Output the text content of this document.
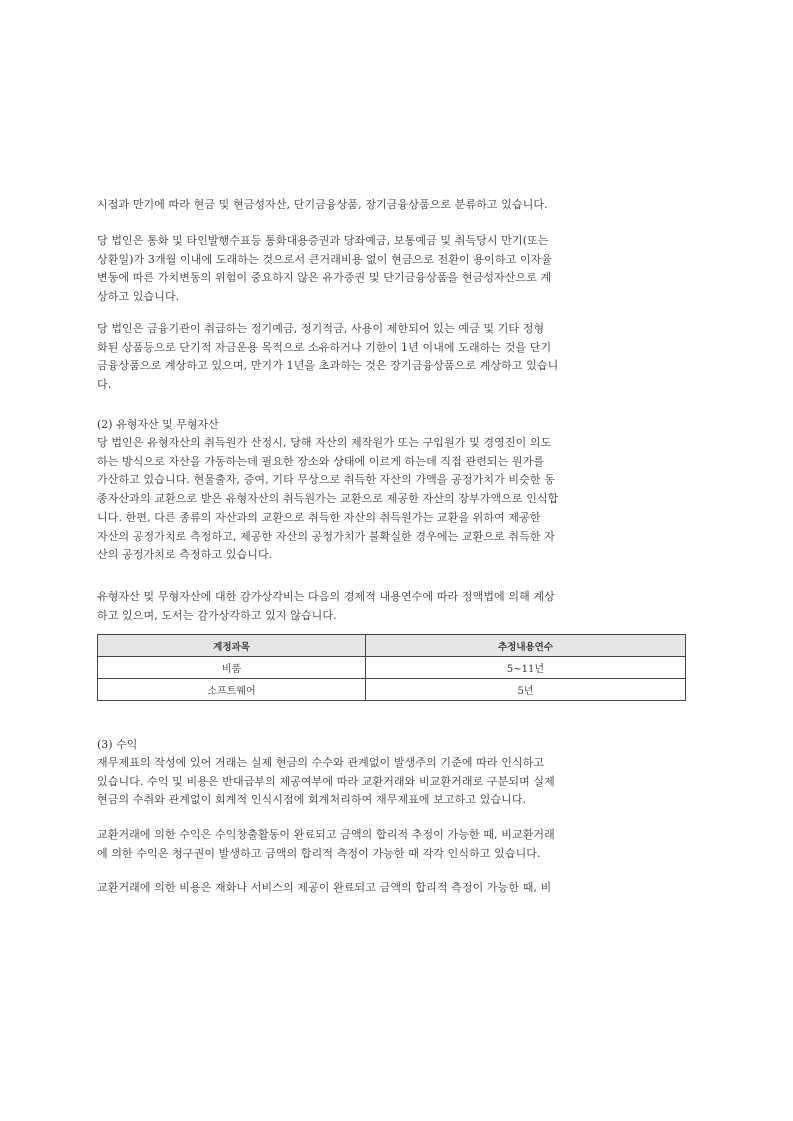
시점과 만기에 따라 현금 및 현금성자산, 단기금융상품, 장기금융상품으로 분류하고 있습니다.

당 법인은 통화 및 타인발행수표등 통화대용증권과 당좌예금, 보통예금 및 취득당시 만기(또는
상환일)가 3개월 이내에 도래하는 것으로서 큰거래비용 없이 현금으로 전환이 용이하고 이자율
변동에 따른 가치변동의 위험이 중요하지 않은 유가증권 및 단기금융상품을 현금성자산으로 계
상하고 있습니다.

당 법인은 금융기관이 취급하는 정기예금, 정기적금, 사용이 제한되어 있는 예금 및 기타 정형
화된 상품등으로 단기적 자금운용 목적으로 소유하거나 기한이 1년 이내에 도래하는 것을 단기
금융상품으로 계상하고 있으며, 만기가 1년을 초과하는 것은 장기금융상품으로 계상하고 있습니
다.

(2) 유형자산 및 무형자산

당 법인은 유형자산의 취득원가 산정시, 당해 자산의 제작원가 또는 구입원가 및 경영진이 의도
하는 방식으로 자산을 가동하는데 필요한 장소와 상태에 이르게 하는데 직접 관련되는 원가를
가산하고 있습니다. 현물출자, 증여, 기타 무상으로 취득한 자산의 가액을 공정가치가 비슷한 동
종자산과의 교환으로 받은 유형자산의 취득원가는 교환으로 제공한 자산의 장부가액으로 인식합
니다. 한편, 다른 종류의 자산과의 교환으로 취득한 자산의 취득원가는 교환을 위하여 제공한
자산의 공정가치로 측정하고, 제공한 자산의 공정가치가 불확실한 경우에는 교환으로 취득한 자
산의 공정가치로 측정하고 있습니다.

유형자산 및 무형자산에 대한 감가상각비는 다음의 경제적 내용연수에 따라 정액법에 의해 계상
하고 있으며, 도서는 감가상각하고 있지 않습니다.

계정과목	추정내용연수
비품	5~11년
소프트웨어	5년

(3) 수익

재무제표의 작성에 있어 거래는 실제 현금의 수수와 관계없이 발생주의 기준에 따라 인식하고
있습니다. 수익 및 비용은 반대급부의 제공여부에 따라 교환거래와 비교환거래로 구분되며 실제
현금의 수취와 관계없이 회계적 인식시점에 회계처리하여 재무제표에 보고하고 있습니다.

교환거래에 의한 수익은 수익창출활동이 완료되고 금액의 합리적 추정이 가능한 때, 비교환거래
에 의한 수익은 청구권이 발생하고 금액의 합리적 측정이 가능한 때 각각 인식하고 있습니다.

교환거래에 의한 비용은 재화나 서비스의 제공이 완료되고 금액의 합리적 측정이 가능한 때, 비
